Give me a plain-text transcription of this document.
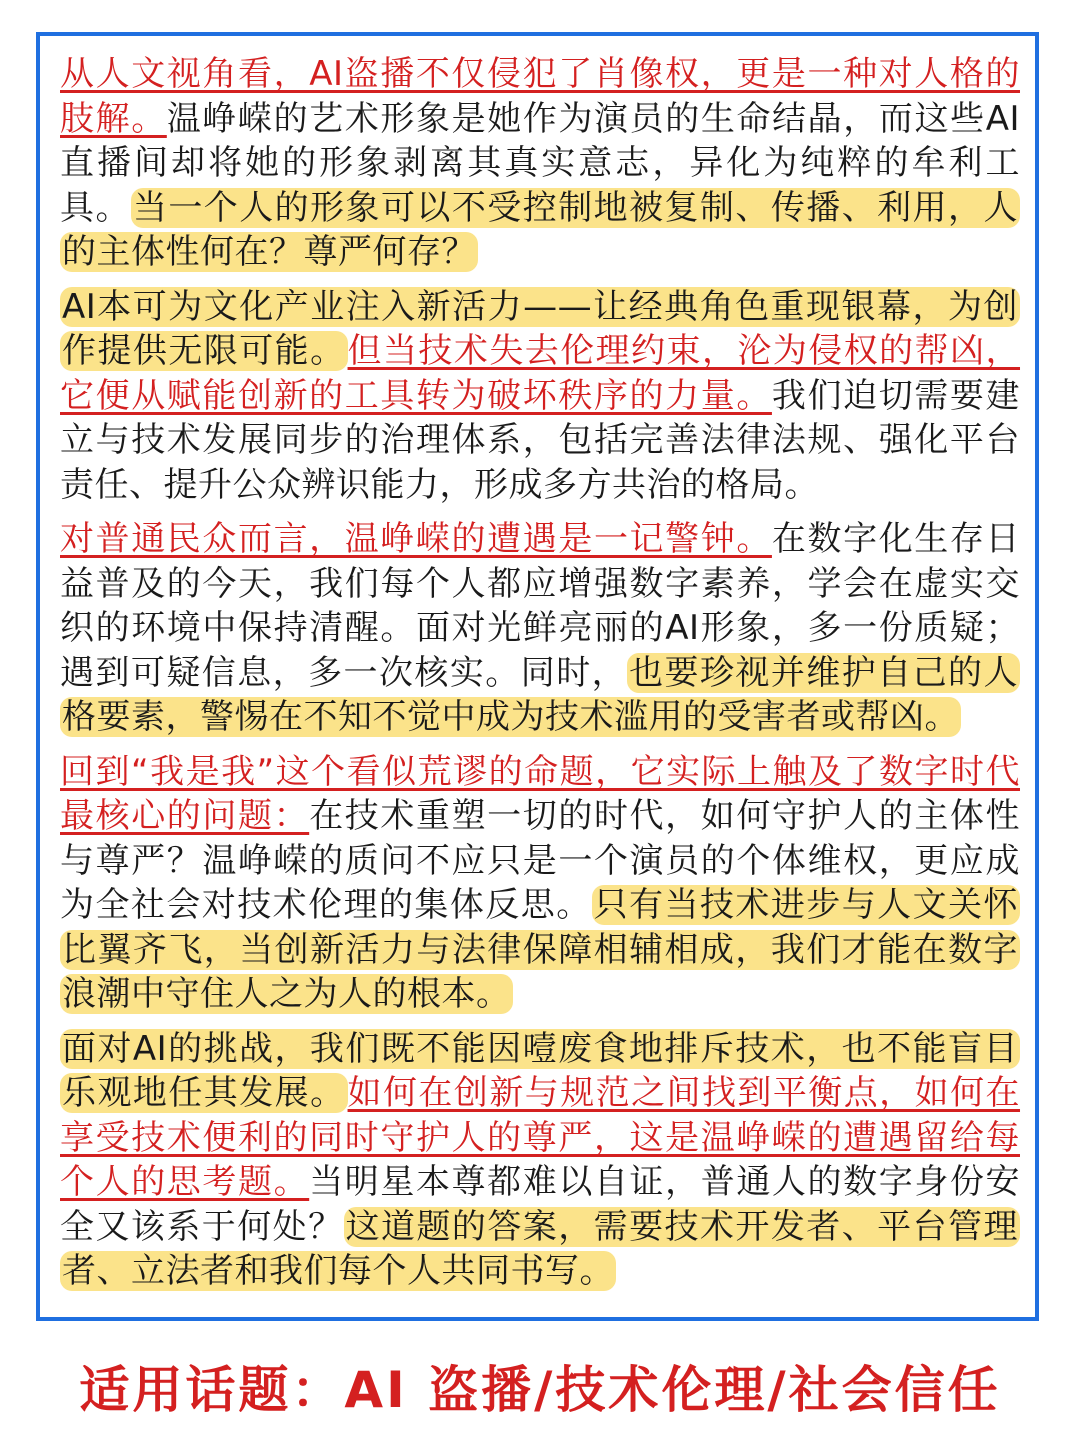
从人文视角看，AI盗播不仅侵犯了肖像权，更是一种对人格的肢解。温峥嵘的艺术形象是她作为演员的生命结晶，而这些AI直播间却将她的形象剥离其真实意志，异化为纯粹的牟利工具。当一个人的形象可以不受控制地被复制、传播、利用，人的主体性何在？尊严何存？

AI本可为文化产业注入新活力——让经典角色重现银幕，为创作提供无限可能。但当技术失去伦理约束，沦为侵权的帮凶，它便从赋能创新的工具转为破坏秩序的力量。我们迫切需要建立与技术发展同步的治理体系，包括完善法律法规、强化平台责任、提升公众辨识能力，形成多方共治的格局。

对普通民众而言，温峥嵘的遭遇是一记警钟。在数字化生存日益普及的今天，我们每个人都应增强数字素养，学会在虚实交织的环境中保持清醒。面对光鲜亮丽的AI形象，多一份质疑；遇到可疑信息，多一次核实。同时，也要珍视并维护自己的人格要素，警惕在不知不觉中成为技术滥用的受害者或帮凶。

回到“我是我”这个看似荒谬的命题，它实际上触及了数字时代最核心的问题：在技术重塑一切的时代，如何守护人的主体性与尊严？温峥嵘的质问不应只是一个演员的个体维权，更应成为全社会对技术伦理的集体反思。只有当技术进步与人文关怀比翼齐飞，当创新活力与法律保障相辅相成，我们才能在数字浪潮中守住人之为人的根本。

面对AI的挑战，我们既不能因噎废食地排斥技术，也不能盲目乐观地任其发展。如何在创新与规范之间找到平衡点，如何在享受技术便利的同时守护人的尊严，这是温峥嵘的遭遇留给每个人的思考题。当明星本尊都难以自证，普通人的数字身份安全又该系于何处？这道题的答案，需要技术开发者、平台管理者、立法者和我们每个人共同书写。

适用话题：AI 盗播/技术伦理/社会信任
